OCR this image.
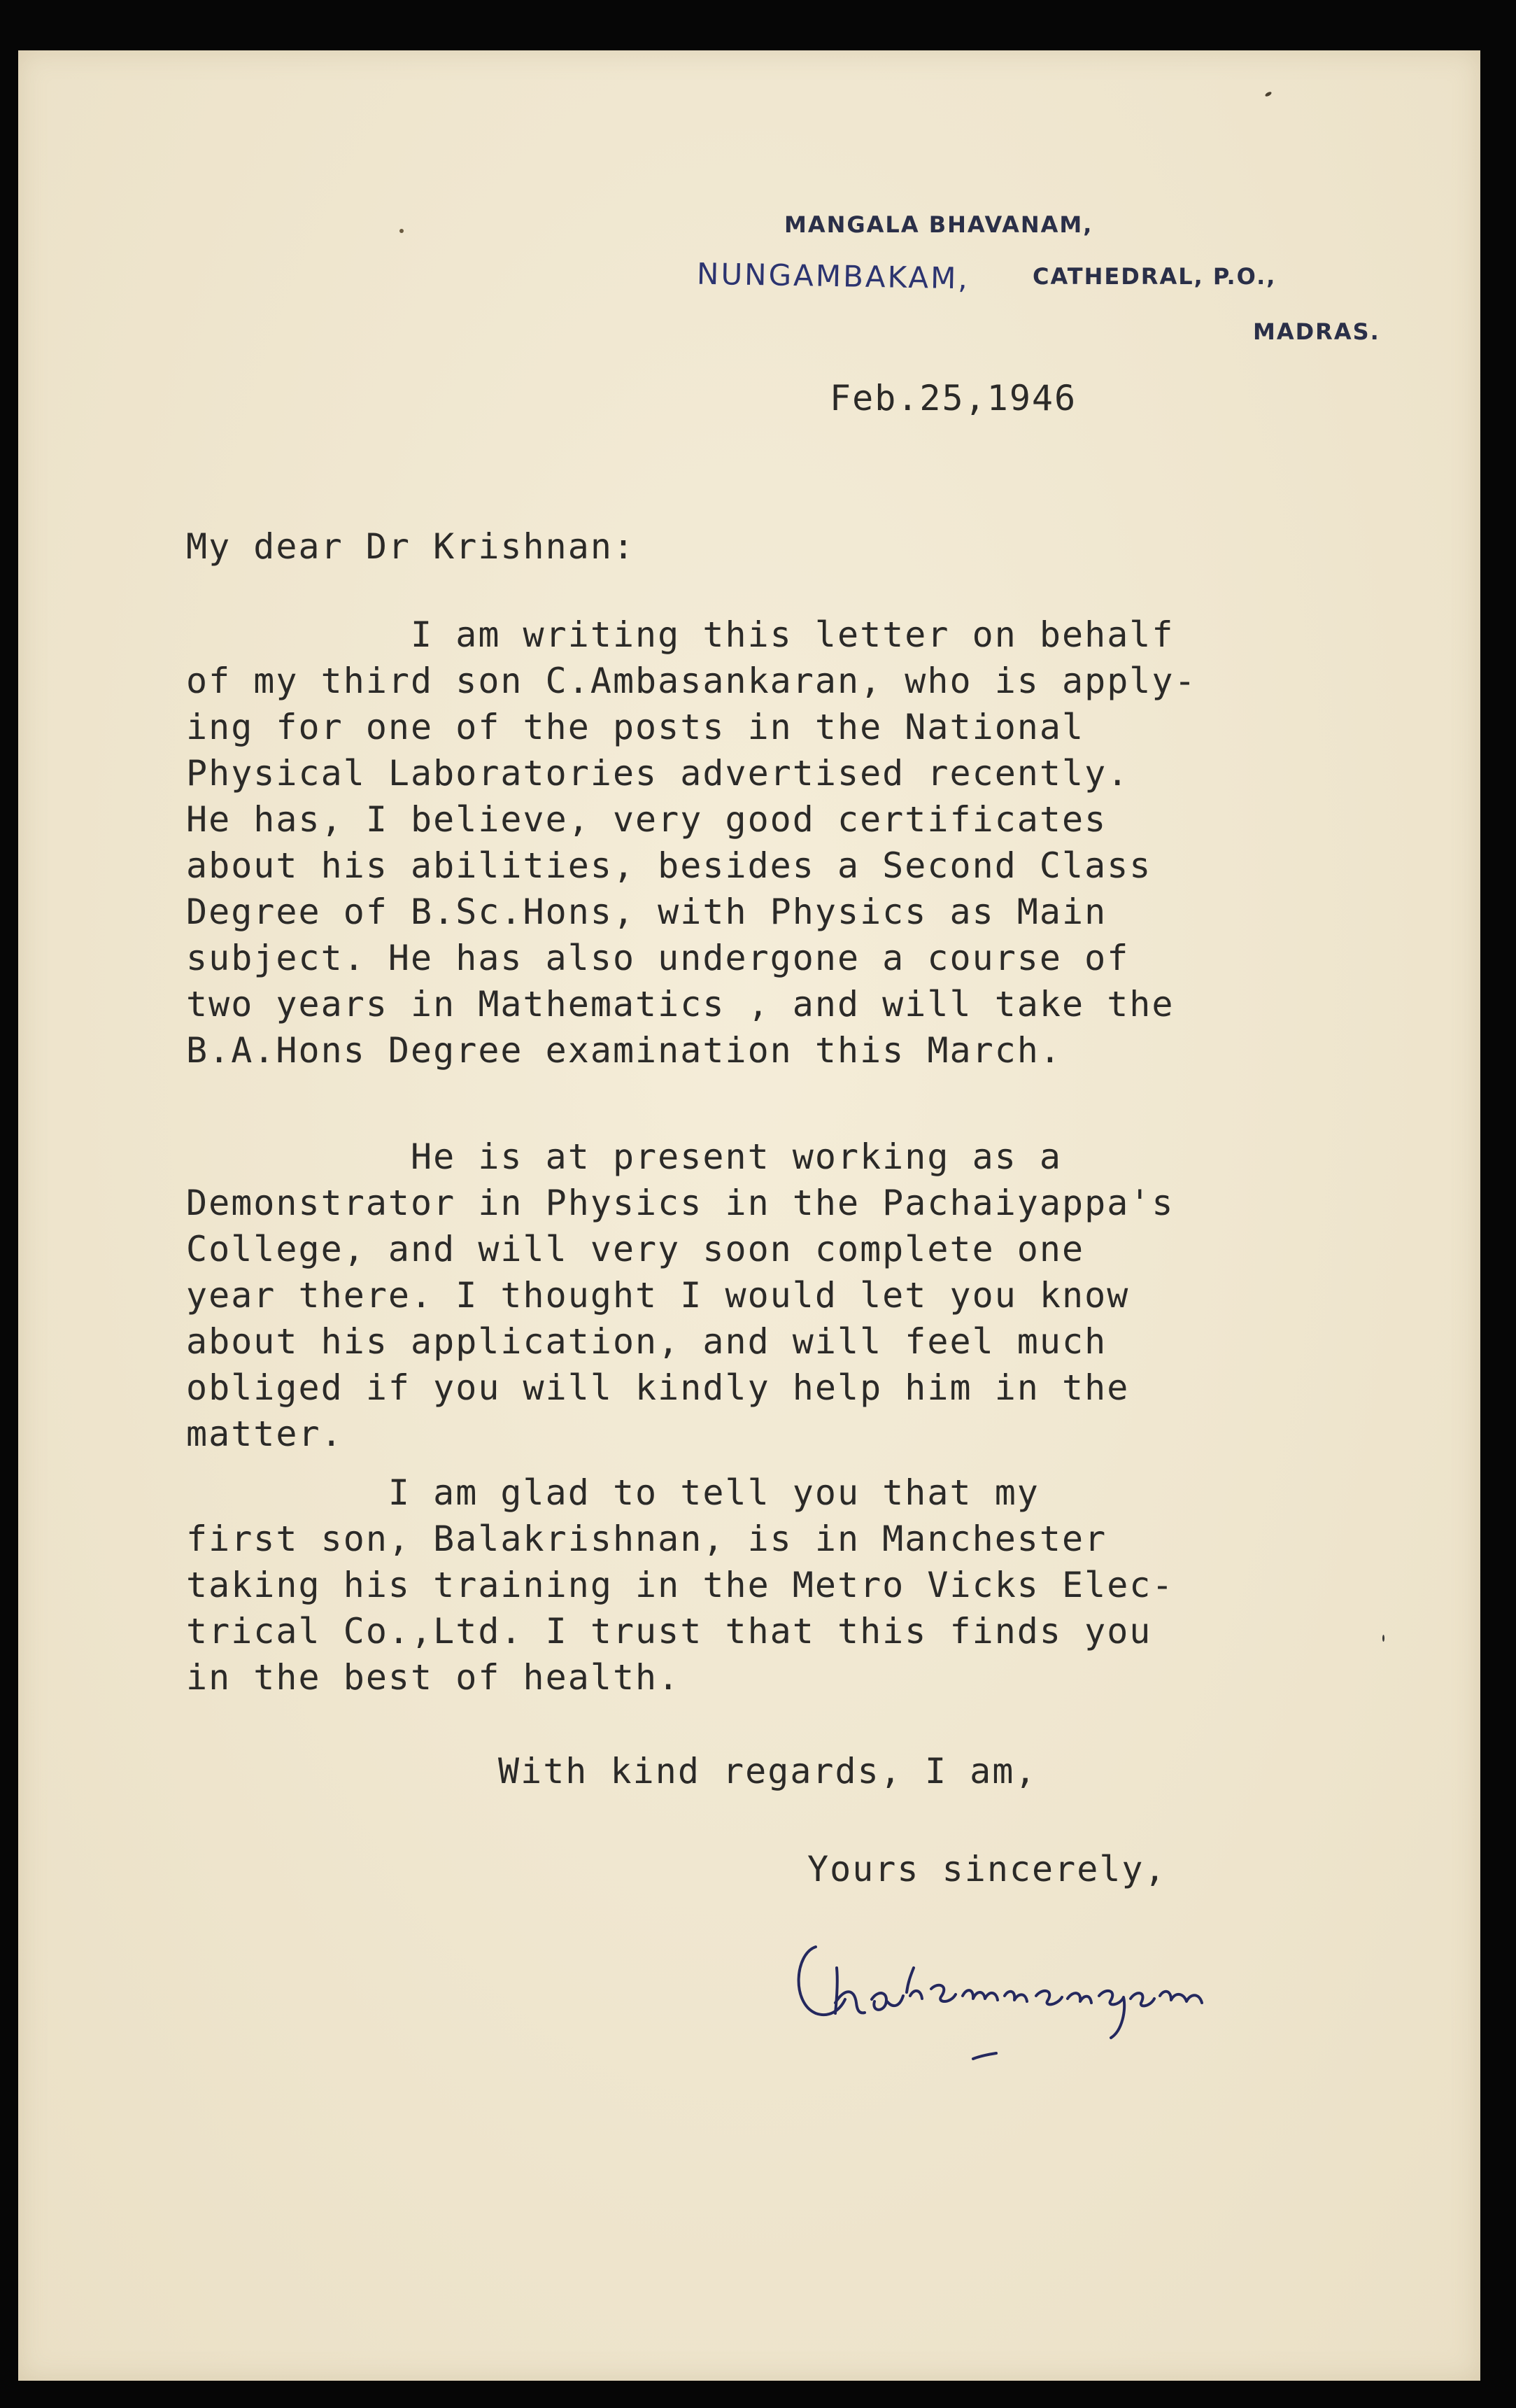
MANGALA BHAVANAM,
NUNGAMBAKAM,	CATHEDRAL, P.O.,
MADRAS.
Feb.25,1946
My dear Dr Krishnan:
I am writing this letter on behalf
of my third son C.Ambasankaran, who is apply-
ing for one of the posts in the National
Physical Laboratories advertised recently.
He has, I believe, very good certificates
about his abilities, besides a Second Class
Degree of B.Sc.Hons, with Physics as Main
subject. He has also undergone a course of
two years in Mathematics , and will take the
B.A.Hons Degree examination this March.
He is at present working as a
Demonstrator in Physics in the Pachaiyappa's
College, and will very soon complete one
year there. I thought I would let you know
about his application, and will feel much
obliged if you will kindly help him in the
matter.
I am glad to tell you that my
first son, Balakrishnan, is in Manchester
taking his training in the Metro Vicks Elec-
trical Co.,Ltd. I trust that this finds you
in the best of health.
With kind regards, I am,
Yours sincerely,
